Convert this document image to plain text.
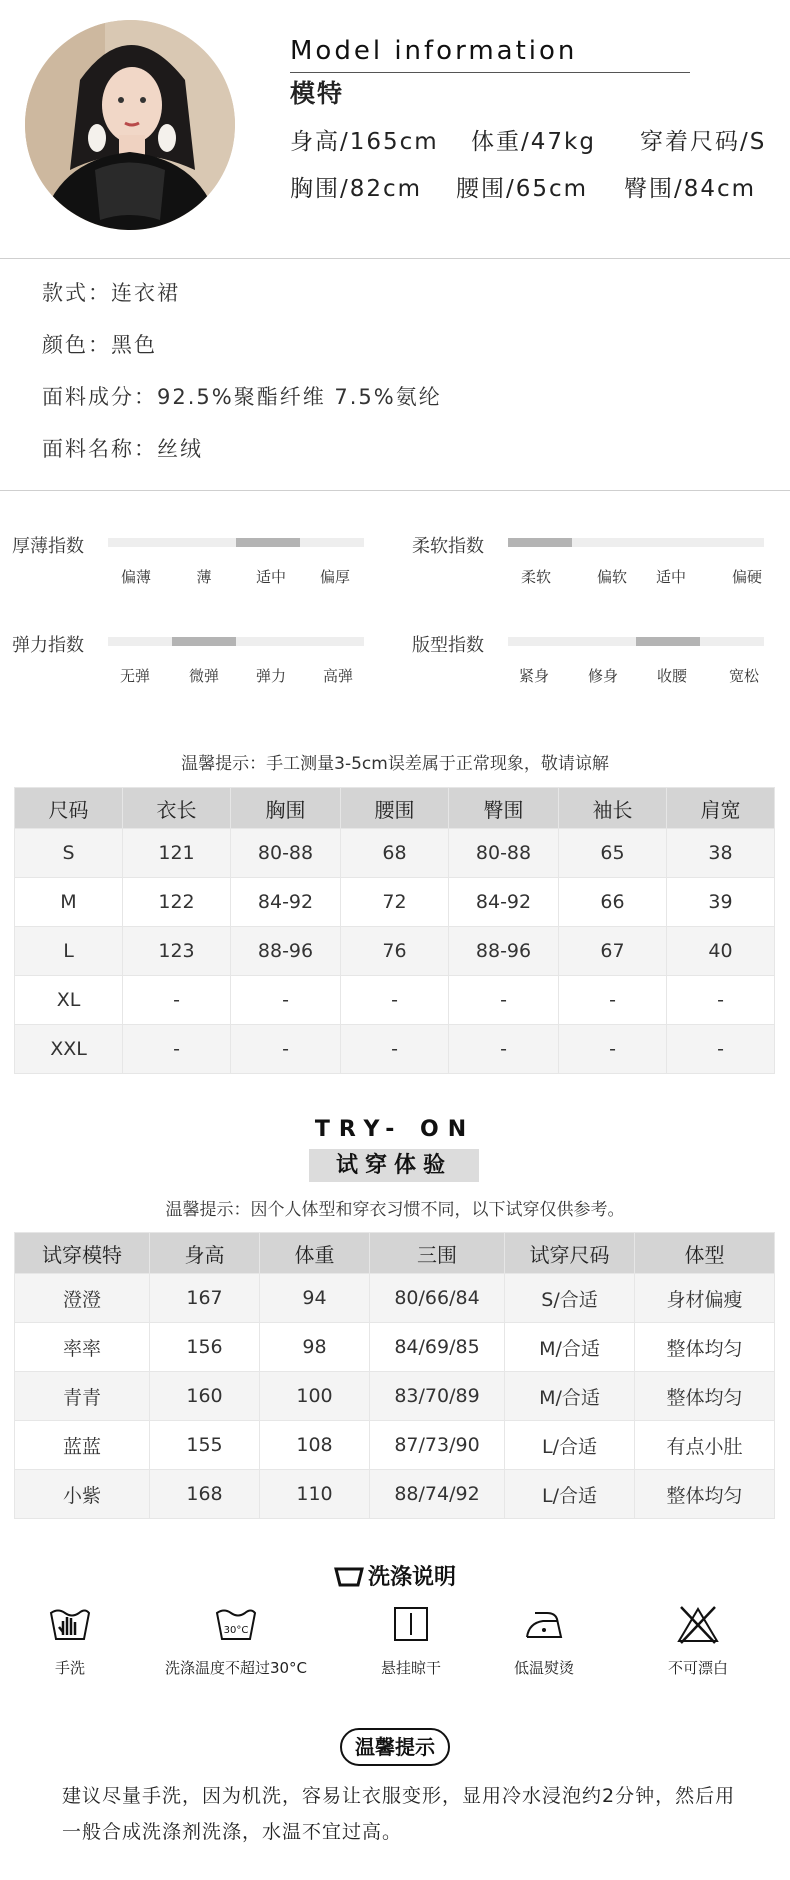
Model information
模特
身高/165cm 体重/47kg 穿着尺码/S
胸围/82cm 腰围/65cm 臀围/84cm
款式：连衣裙
颜色：黑色
面料成分：92.5%聚酯纤维 7.5%氨纶
面料名称：丝绒
厚薄指数
偏薄	薄	适中 偏厚
柔软指数
柔软	偏软 适中	偏硬
弹力指数
无弹	微弹 弹力 高弹
版型指数
紧身	修身	收腰	宽松
温馨提示：手工测量3-5cm误差属于正常现象，敬请谅解
尺码	衣长	胸围	腰围	臀围	袖长	肩宽
S	121	80-88	68	80-88	65	38
M	122	84-92	72	84-92	66	39
L	123	88-96	76	88-96	67	40
XL	-	-	-	-	-	-
XXL	-	-	-	-	-	-
TRY- ON
试穿体验
温馨提示：因个人体型和穿衣习惯不同，以下试穿仅供参考。
试穿模特	身高	体重	三围	试穿尺码	体型
澄澄	167	94	80/66/84	S/合适	身材偏瘦
率率	156	98	84/69/85	M/合适	整体均匀
青青	160	100	83/70/89	M/合适	整体均匀
蓝蓝	155	108	87/73/90	L/合适	有点小肚
小紫	168	110	88/74/92	L/合适	整体均匀
洗涤说明
手洗
30°C
洗涤温度不超过30°C	悬挂晾干	低温熨烫	不可漂白
温馨提示
建议尽量手洗，因为机洗，容易让衣服变形，显用冷水浸泡约2分钟，然后用一般合成洗涤剂洗涤，水温不宜过高。
